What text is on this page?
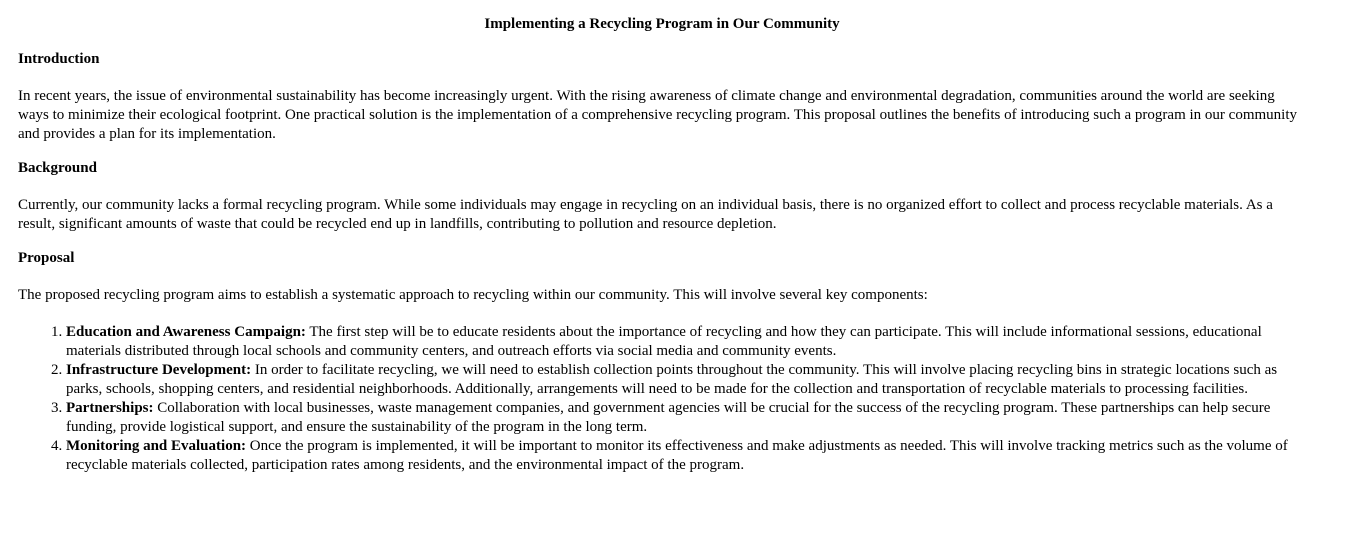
Implementing a Recycling Program in Our Community
Introduction

In recent years, the issue of environmental sustainability has become increasingly urgent. With the rising awareness of climate change and environmental degradation, communities around the world are seeking ways to minimize their ecological footprint. One practical solution is the implementation of a comprehensive recycling program. This proposal outlines the benefits of introducing such a program in our community and provides a plan for its implementation.

Background

Currently, our community lacks a formal recycling program. While some individuals may engage in recycling on an individual basis, there is no organized effort to collect and process recyclable materials. As a result, significant amounts of waste that could be recycled end up in landfills, contributing to pollution and resource depletion.

Proposal

The proposed recycling program aims to establish a systematic approach to recycling within our community. This will involve several key components:

1. Education and Awareness Campaign: The first step will be to educate residents about the importance of recycling and how they can participate. This will include informational sessions, educational materials distributed through local schools and community centers, and outreach efforts via social media and community events.
2. Infrastructure Development: In order to facilitate recycling, we will need to establish collection points throughout the community. This will involve placing recycling bins in strategic locations such as parks, schools, shopping centers, and residential neighborhoods. Additionally, arrangements will need to be made for the collection and transportation of recyclable materials to processing facilities.
3. Partnerships: Collaboration with local businesses, waste management companies, and government agencies will be crucial for the success of the recycling program. These partnerships can help secure funding, provide logistical support, and ensure the sustainability of the program in the long term.
4. Monitoring and Evaluation: Once the program is implemented, it will be important to monitor its effectiveness and make adjustments as needed. This will involve tracking metrics such as the volume of recyclable materials collected, participation rates among residents, and the environmental impact of the program.
